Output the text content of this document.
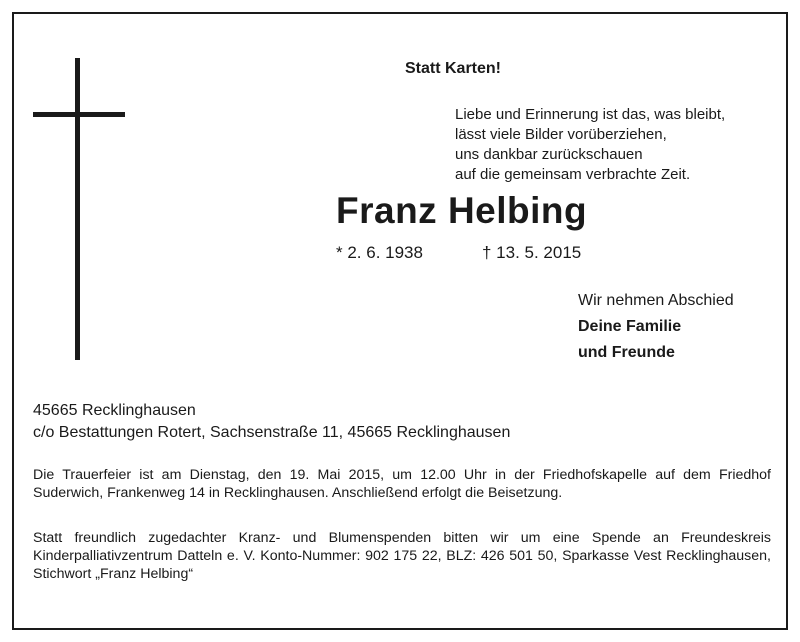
Statt Karten!
Liebe und Erinnerung ist das, was bleibt,
lässt viele Bilder vorüberziehen,
uns dankbar zurückschauen
auf die gemeinsam verbrachte Zeit.
Franz Helbing
* 2. 6. 1938	† 13. 5. 2015
Wir nehmen Abschied
Deine Familie
und Freunde
45665 Recklinghausen
c/o Bestattungen Rotert, Sachsenstraße 11, 45665 Recklinghausen
Die Trauerfeier ist am Dienstag, den 19. Mai 2015, um 12.00 Uhr in der Friedhofskapelle auf dem Friedhof Suderwich, Frankenweg 14 in Recklinghausen. Anschließend erfolgt die Beisetzung.
Statt freundlich zugedachter Kranz- und Blumenspenden bitten wir um eine Spende an Freundeskreis Kinderpalliativzentrum Datteln e. V. Konto-Nummer: 902 175 22, BLZ: 426 501 50, Sparkasse Vest Recklinghausen, Stichwort „Franz Helbing“
